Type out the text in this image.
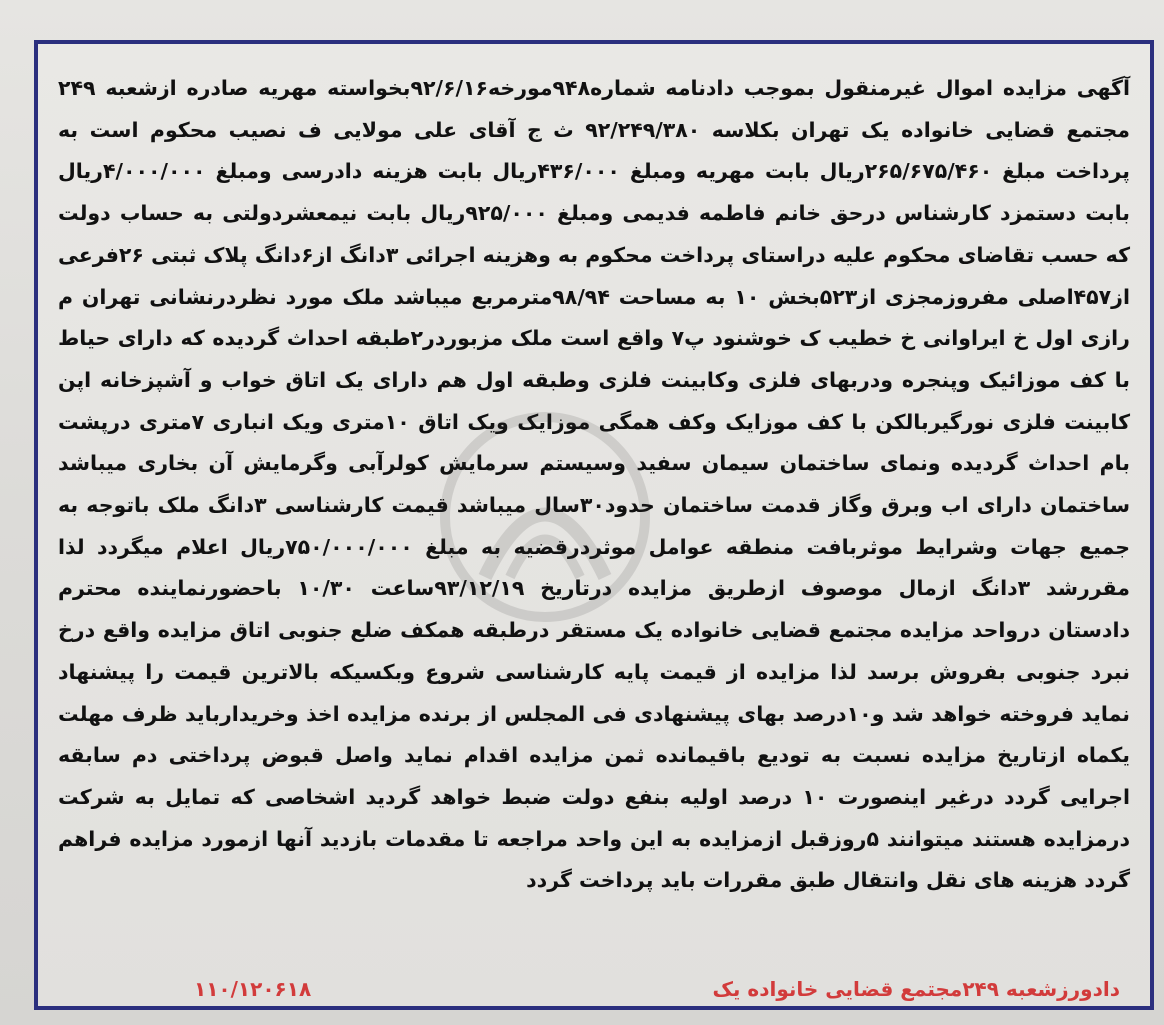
آگهی مزایده اموال غیرمنقول بموجب دادنامه شماره۹۴۸مورخه۹۲/۶/۱۶بخواسته مهریه صادره ازشعبه ۲۴۹ مجتمع قضایی خانواده یک تهران بکلاسه ۹۲/۲۴۹/۳۸۰ ث ج آقای علی مولایی ف نصیب محکوم است به پرداخت مبلغ ۲۶۵/۶۷۵/۴۶۰ریال بابت مهریه ومبلغ ۴۳۶/۰۰۰ریال بابت هزینه دادرسی ومبلغ ۴/۰۰۰/۰۰۰ریال بابت دستمزد کارشناس درحق خانم فاطمه فدیمی ومبلغ ۹۲۵/۰۰۰ریال بابت نیمعشردولتی به حساب دولت که حسب تقاضای محکوم علیه دراستای پرداخت محکوم به وهزینه اجرائی ۳دانگ از۶دانگ پلاک ثبتی ۲۶فرعی از۴۵۷اصلی مفروزمجزی از۵۲۳بخش ۱۰ به مساحت ۹۸/۹۴مترمربع میباشد ملک مورد نظردرنشانی تهران م رازی اول خ ایراوانی خ خطیب ک خوشنود پ۷ واقع است ملک مزبوردر۲طبقه احداث گردیده که دارای حیاط با کف موزائیک وپنجره ودربهای فلزی وکابینت فلزی وطبقه اول هم دارای یک اتاق خواب و آشپزخانه اپن کابینت فلزی نورگیربالکن با کف موزایک وکف همگی موزایک ویک اتاق ۱۰متری ویک انباری ۷متری درپشت بام احداث گردیده ونمای ساختمان سیمان سفید وسیستم سرمایش کولرآبی وگرمایش آن بخاری میباشد ساختمان دارای اب وبرق وگاز قدمت ساختمان حدود۳۰سال میباشد قیمت کارشناسی ۳دانگ ملک باتوجه به جمیع جهات وشرایط موثربافت منطقه عوامل موثردرقضیه به مبلغ ۷۵۰/۰۰۰/۰۰۰ریال اعلام میگردد لذا مقررشد ۳دانگ ازمال موصوف ازطریق مزایده درتاریخ ۹۳/۱۲/۱۹ساعت ۱۰/۳۰ باحضورنماینده محترم دادستان درواحد مزایده مجتمع قضایی خانواده یک مستقر درطبقه همکف ضلع جنوبی اتاق مزایده واقع درخ نبرد جنوبی بفروش برسد لذا مزایده از قیمت پایه کارشناسی شروع وبکسیکه بالاترین قیمت را پیشنهاد نماید فروخته خواهد شد و۱۰درصد بهای پیشنهادی فی المجلس از برنده مزایده اخذ وخریدارباید ظرف مهلت یکماه ازتاریخ مزایده نسبت به تودیع باقیمانده ثمن مزایده اقدام نماید واصل قبوض پرداختی دم سابقه اجرایی گردد درغیر اینصورت ۱۰ درصد اولیه بنفع دولت ضبط خواهد گردید اشخاصی که تمایل به شرکت درمزایده هستند میتوانند ۵روزقبل ازمزایده به این واحد مراجعه تا مقدمات بازدید آنها ازمورد مزایده فراهم گردد هزینه های نقل وانتقال طبق مقررات باید پرداخت گردد
دادورزشعبه ۲۴۹مجتمع قضایی خانواده یک
۱۱۰/۱۲۰۶۱۸
